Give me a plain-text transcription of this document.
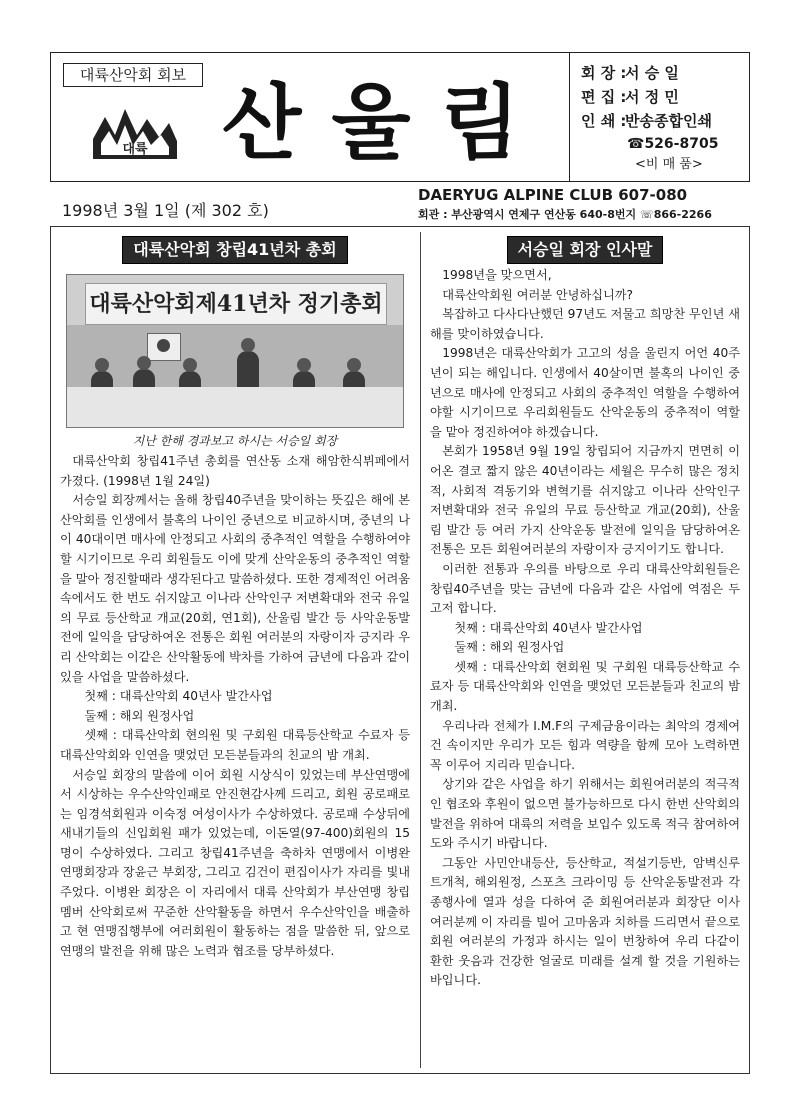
대륙산악회 회보
대륙 산울림
회 장 :서 승 일
편 집 :서 정 민
인 쇄 :반송종합인쇄
☎526-8705
<비 매 품>
1998년 3월 1일 (제 302 호)
DAERYUG ALPINE CLUB 607-080
회관 : 부산광역시 연제구 연산동 640-8번지 ☏866-2266
대륙산악회 창립41년차 총회
대륙산악회제41년차 정기총회
지난 한해 경과보고 하시는 서승일 회장

대륙산악회 창립41주년 총회를 연산동 소재 해암한식뷔페에서 가졌다. (1998년 1월 24일)

서승일 회장께서는 올해 창립40주년을 맞이하는 뜻깊은 해에 본 산악회를 인생에서 불혹의 나이인 중년으로 비교하시며, 중년의 나이 40대이면 매사에 안정되고 사회의 중추적인 역할을 수행하여야 할 시기이므로 우리 회원들도 이에 맞게 산악운동의 중추적인 역할을 말아 정진할때라 생각된다고 말씀하셨다. 또한 경제적인 어려움속에서도 한 번도 쉬지않고 이나라 산악인구 저변확대와 전국 유일의 무료 등산학교 개교(20회, 연1회), 산울림 발간 등 사악운동발전에 일익을 담당하여온 전통은 회원 여러분의 자랑이자 긍지라 우리 산악회는 이같은 산악활동에 박차를 가하여 금년에 다음과 같이 있을 사업을 말씀하셨다.

첫째 : 대륙산악회 40년사 발간사업

둘째 : 해외 원정사업

셋째 : 대륙산악회 현의원 및 구회원 대륙등산학교 수료자 등 대륙산악회와 인연을 맺었던 모든분들과의 친교의 밤 개최.

서승일 회장의 말씀에 이어 회원 시상식이 있었는데 부산연맹에서 시상하는 우수산악인패로 안진현감사께 드리고, 회원 공로패로는 임경석회원과 이숙정 여성이사가 수상하였다. 공로패 수상뒤에 새내기들의 신입회원 패가 있었는데, 이돈열(97-400)회원의 15명이 수상하였다. 그리고 창립41주년을 축하차 연맹에서 이병완 연맹회장과 장윤근 부회장, 그리고 김건이 편집이사가 자리를 빛내주었다. 이병완 회장은 이 자리에서 대륙 산악회가 부산연맹 창립멤버 산악회로써 꾸준한 산악활동을 하면서 우수산악인을 배출하고 현 연맹집행부에 여러회원이 활동하는 점을 말씀한 뒤, 앞으로 연맹의 발전을 위해 많은 노력과 협조를 당부하셨다.

서승일 회장 인사말

1998년을 맞으면서,

대륙산악회원 여러분 안녕하십니까?

복잡하고 다사다난했던 97년도 저물고 희망찬 무인년 새해를 맞이하였습니다.

1998년은 대륙산악회가 고고의 성을 울린지 어언 40주년이 되는 해입니다. 인생에서 40살이면 불혹의 나이인 중년으로 매사에 안정되고 사회의 중추적인 역할을 수행하여야할 시기이므로 우리회원들도 산악운동의 중추적이 역할을 맡아 정진하여야 하겠습니다.

본회가 1958년 9월 19일 창립되어 지금까지 면면히 이어온 결코 짧지 않은 40년이라는 세월은 무수히 많은 정치적, 사회적 격동기와 변혁기를 쉬지않고 이나라 산악인구 저변확대와 전국 유일의 무료 등산학교 개교(20회), 산울림 발간 등 여러 가지 산악운동 발전에 일익을 담당하여온 전통은 모든 회원여러분의 자랑이자 긍지이기도 합니다.

이러한 전통과 우의를 바탕으로 우리 대륙산악회원들은 창립40주년을 맞는 금년에 다음과 같은 사업에 역점은 두고저 합니다.

첫째 : 대륙산악회 40년사 발간사업

둘째 : 해외 원정사업

셋째 : 대륙산악회 현회원 및 구회원 대륙등산학교 수료자 등 대륙산악회와 인연을 맺었던 모든분들과 친교의 밤 개최.

우리나라 전체가 I.M.F의 구제금융이라는 최악의 경제여건 속이지만 우리가 모든 힘과 역량을 함께 모아 노력하면 꼭 이루어 지리라 믿습니다.

상기와 같은 사업을 하기 위해서는 회원여러분의 적극적인 협조와 후원이 없으면 불가능하므로 다시 한번 산악회의 발전을 위하여 대륙의 저력을 보입수 있도록 적극 참여하여 도와 주시기 바랍니다.

그동안 사민안내등산, 등산학교, 적설기등반, 암벽신루트개척, 해외원정, 스포츠 크라이밍 등 산악운동발전과 각종행사에 열과 성을 다하여 준 회원여러분과 회장단 이사 여러분께 이 자리를 빌어 고마움과 치하를 드리면서 끝으로 회원 여러분의 가정과 하시는 일이 번창하여 우리 다같이 환한 웃음과 건강한 얼굴로 미래를 설계 할 것을 기원하는 바입니다.
